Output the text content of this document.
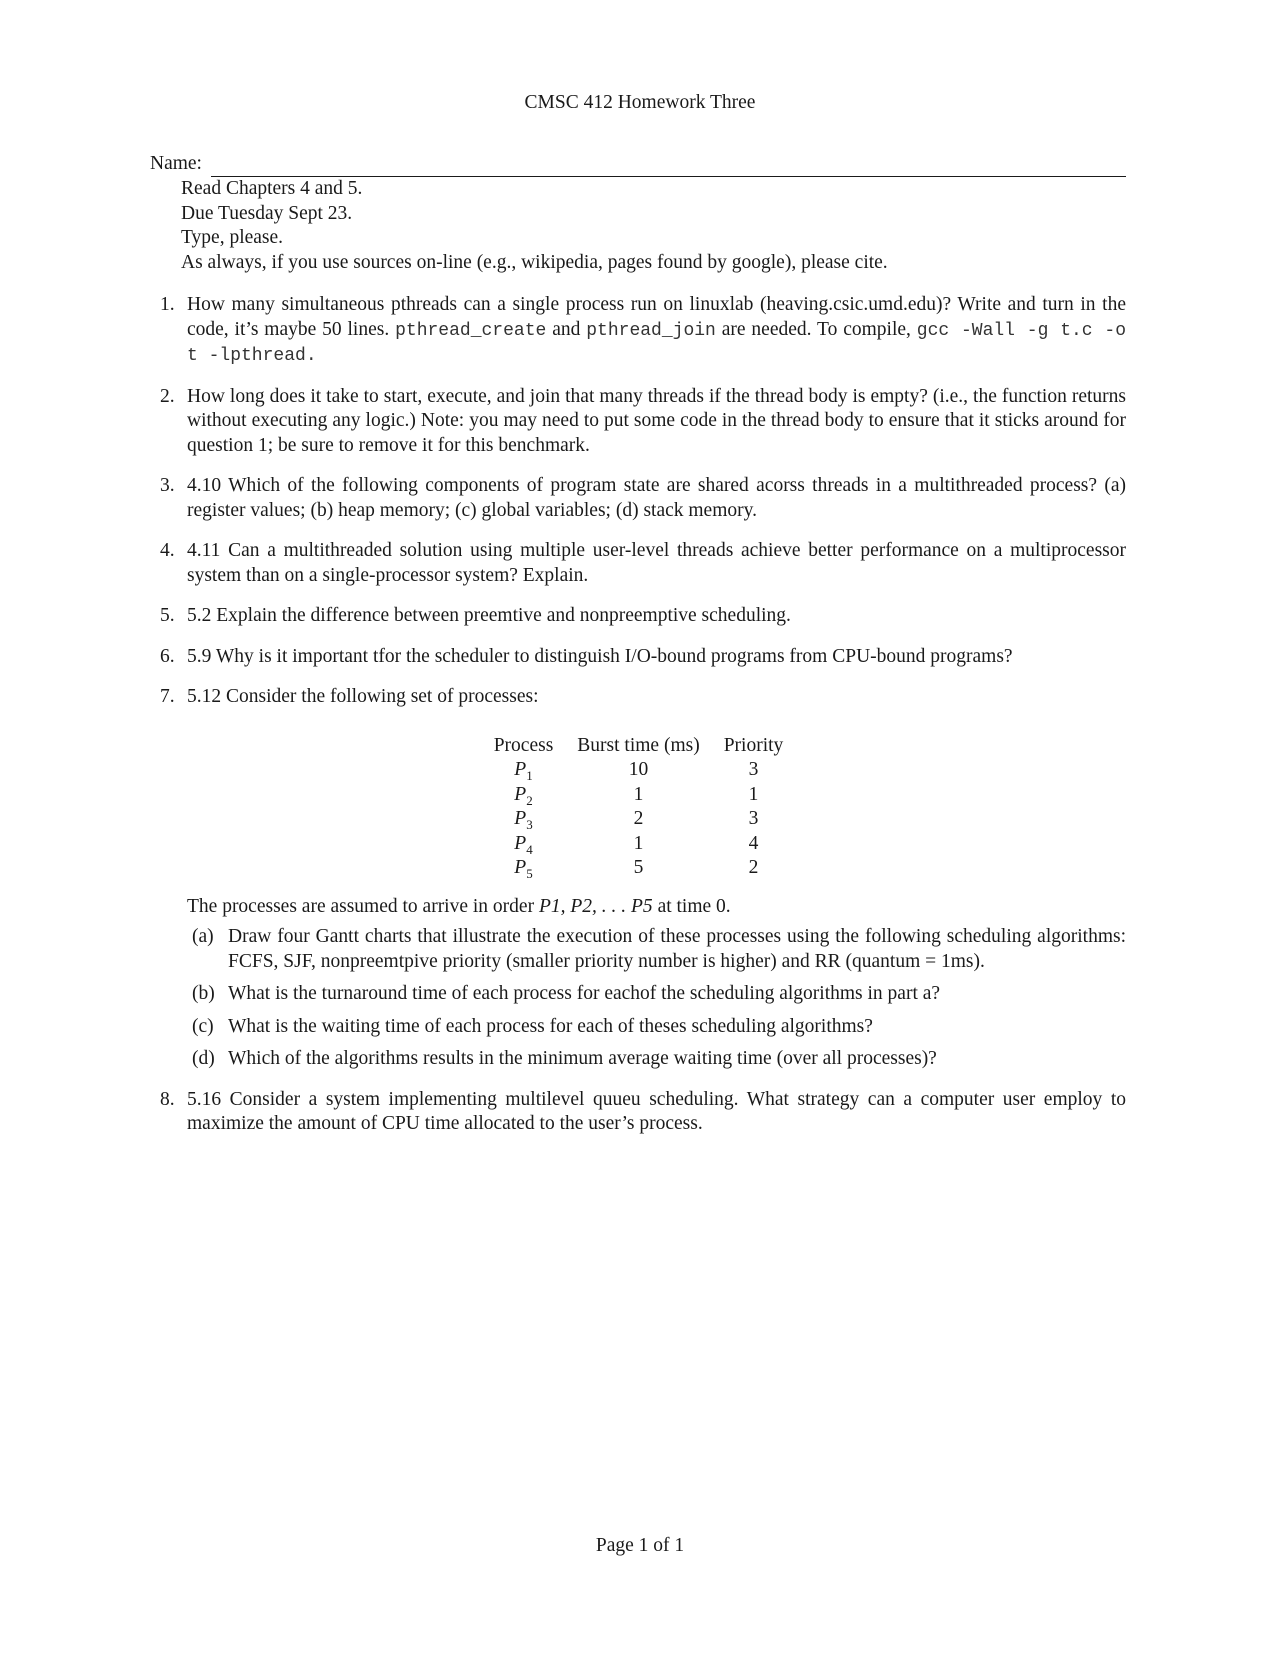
CMSC 412 Homework Three
Name:
Read Chapters 4 and 5.
Due Tuesday Sept 23.
Type, please.
As always, if you use sources on-line (e.g., wikipedia, pages found by google), please cite.
1. How many simultaneous pthreads can a single process run on linuxlab (heaving.csic.umd.edu)? Write and turn in the code, it’s maybe 50 lines. pthread_create and pthread_join are needed. To compile, gcc -Wall -g t.c -o t -lpthread.
2. How long does it take to start, execute, and join that many threads if the thread body is empty? (i.e., the function returns without executing any logic.) Note: you may need to put some code in the thread body to ensure that it sticks around for question 1; be sure to remove it for this benchmark.
3. 4.10 Which of the following components of program state are shared acorss threads in a multithreaded process? (a) register values; (b) heap memory; (c) global variables; (d) stack memory.
4. 4.11 Can a multithreaded solution using multiple user-level threads achieve better performance on a multiprocessor system than on a single-processor system? Explain.
5. 5.2 Explain the difference between preemtive and nonpreemptive scheduling.
6. 5.9 Why is it important tfor the scheduler to distinguish I/O-bound programs from CPU-bound programs?
7. 5.12 Consider the following set of processes:
Process	Burst time (ms)	Priority
$P_1$	10	3
$P_2$	1	1
$P_3$	2	3
$P_4$	1	4
$P_5$	5	2
The processes are assumed to arrive in order P1, P2, . . . P5 at time 0.
(a) Draw four Gantt charts that illustrate the execution of these processes using the following scheduling algorithms: FCFS, SJF, nonpreemtpive priority (smaller priority number is higher) and RR (quantum = 1ms).
(b) What is the turnaround time of each process for eachof the scheduling algorithms in part a?
(c) What is the waiting time of each process for each of theses scheduling algorithms?
(d) Which of the algorithms results in the minimum average waiting time (over all processes)?
8. 5.16 Consider a system implementing multilevel quueu scheduling. What strategy can a computer user employ to maximize the amount of CPU time allocated to the user’s process.
Page 1 of 1
